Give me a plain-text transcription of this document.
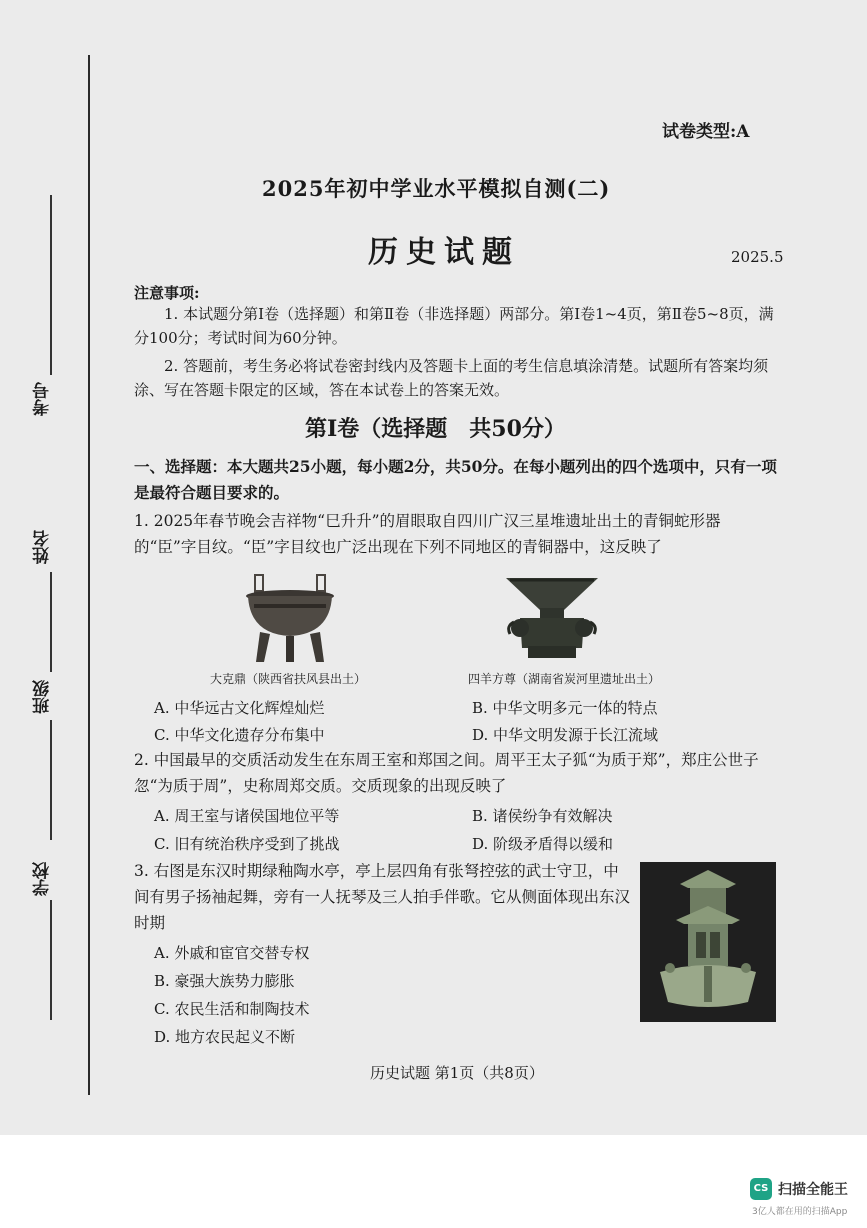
考号
姓名
班级
学校
试卷类型:A
2025年初中学业水平模拟自测(二)
历史试题	2025.5
注意事项:
1. 本试题分第Ⅰ卷（选择题）和第Ⅱ卷（非选择题）两部分。第Ⅰ卷1~4页，第Ⅱ卷5~8页，满分100分；考试时间为60分钟。
2. 答题前，考生务必将试卷密封线内及答题卡上面的考生信息填涂清楚。试题所有答案均须涂、写在答题卡限定的区域，答在本试卷上的答案无效。
第Ⅰ卷（选择题　共50分）
一、选择题：本大题共25小题，每小题2分，共50分。在每小题列出的四个选项中，只有一项是最符合题目要求的。
1. 2025年春节晚会吉祥物“巳升升”的眉眼取自四川广汉三星堆遗址出土的青铜蛇形器的“臣”字目纹。“臣”字目纹也广泛出现在下列不同地区的青铜器中，这反映了
大克鼎（陕西省扶风县出土）	四羊方尊（湖南省炭河里遗址出土）
A. 中华远古文化辉煌灿烂	B. 中华文明多元一体的特点
C. 中华文化遗存分布集中	D. 中华文明发源于长江流域
2. 中国最早的交质活动发生在东周王室和郑国之间。周平王太子狐“为质于郑”，郑庄公世子忽“为质于周”，史称周郑交质。交质现象的出现反映了
A. 周王室与诸侯国地位平等	B. 诸侯纷争有效解决
C. 旧有统治秩序受到了挑战	D. 阶级矛盾得以缓和
3. 右图是东汉时期绿釉陶水亭，亭上层四角有张弩控弦的武士守卫，中间有男子扬袖起舞，旁有一人抚琴及三人拍手伴歌。它从侧面体现出东汉时期
A. 外戚和宦官交替专权
B. 豪强大族势力膨胀
C. 农民生活和制陶技术
D. 地方农民起义不断
历史试题 第1页（共8页）
CS 扫描全能王
3亿人都在用的扫描App
